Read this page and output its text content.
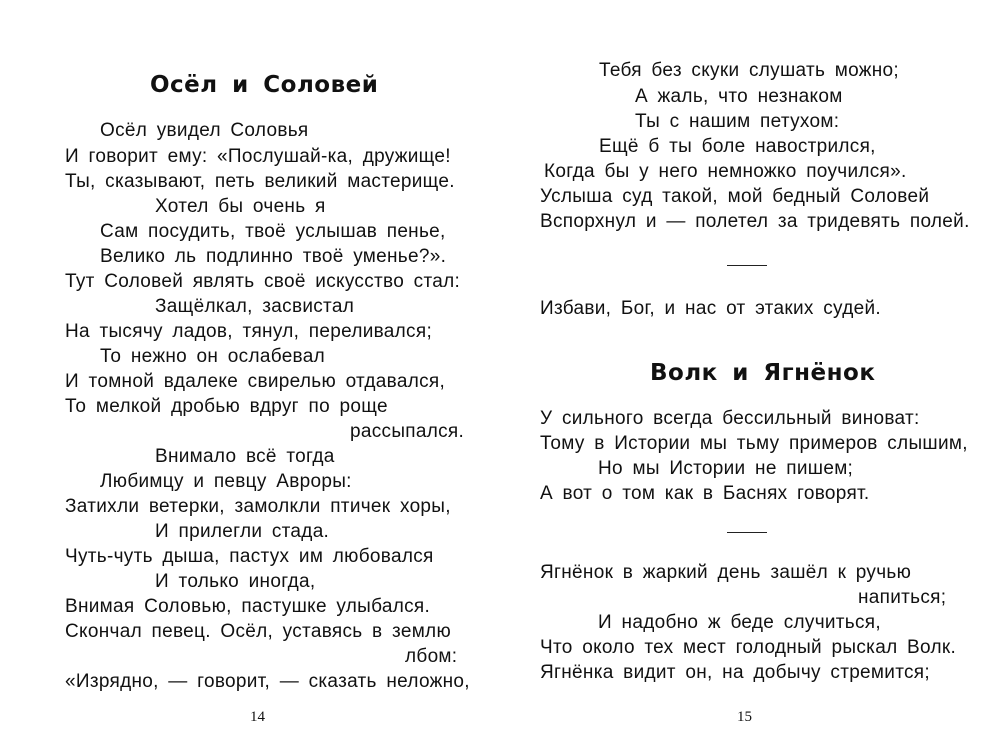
Осёл и Соловей

Осёл увидел Соловья

И говорит ему: «Послушай-ка, дружище!

Ты, сказывают, петь великий мастерище.

Хотел бы очень я

Сам посудить, твоё услышав пенье,

Велико ль подлинно твоё уменье?».

Тут Соловей являть своё искусство стал:

Защёлкал, засвистал

На тысячу ладов, тянул, переливался;

То нежно он ослабевал

И томной вдалеке свирелью отдавался,

То мелкой дробью вдруг по роще

рассыпался.

Внимало всё тогда

Любимцу и певцу Авроры:

Затихли ветерки, замолкли птичек хоры,

И прилегли стада.

Чуть-чуть дыша, пастух им любовался

И только иногда,

Внимая Соловью, пастушке улыбался.

Скончал певец. Осёл, уставясь в землю

лбом:

«Изрядно, — говорит, — сказать неложно,

14

Тебя без скуки слушать можно;

А жаль, что незнаком

Ты с нашим петухом:

Ещё б ты боле навострился,

Когда бы у него немножко поучился».

Услыша суд такой, мой бедный Соловей

Вспорхнул и — полетел за тридевять полей.

Избави, Бог, и нас от этаких судей.

Волк и Ягнёнок

У сильного всегда бессильный виноват:

Тому в Истории мы тьму примеров слышим,

Но мы Истории не пишем;

А вот о том как в Баснях говорят.

Ягнёнок в жаркий день зашёл к ручью

напиться;

И надобно ж беде случиться,

Что около тех мест голодный рыскал Волк.

Ягнёнка видит он, на добычу стремится;

15
